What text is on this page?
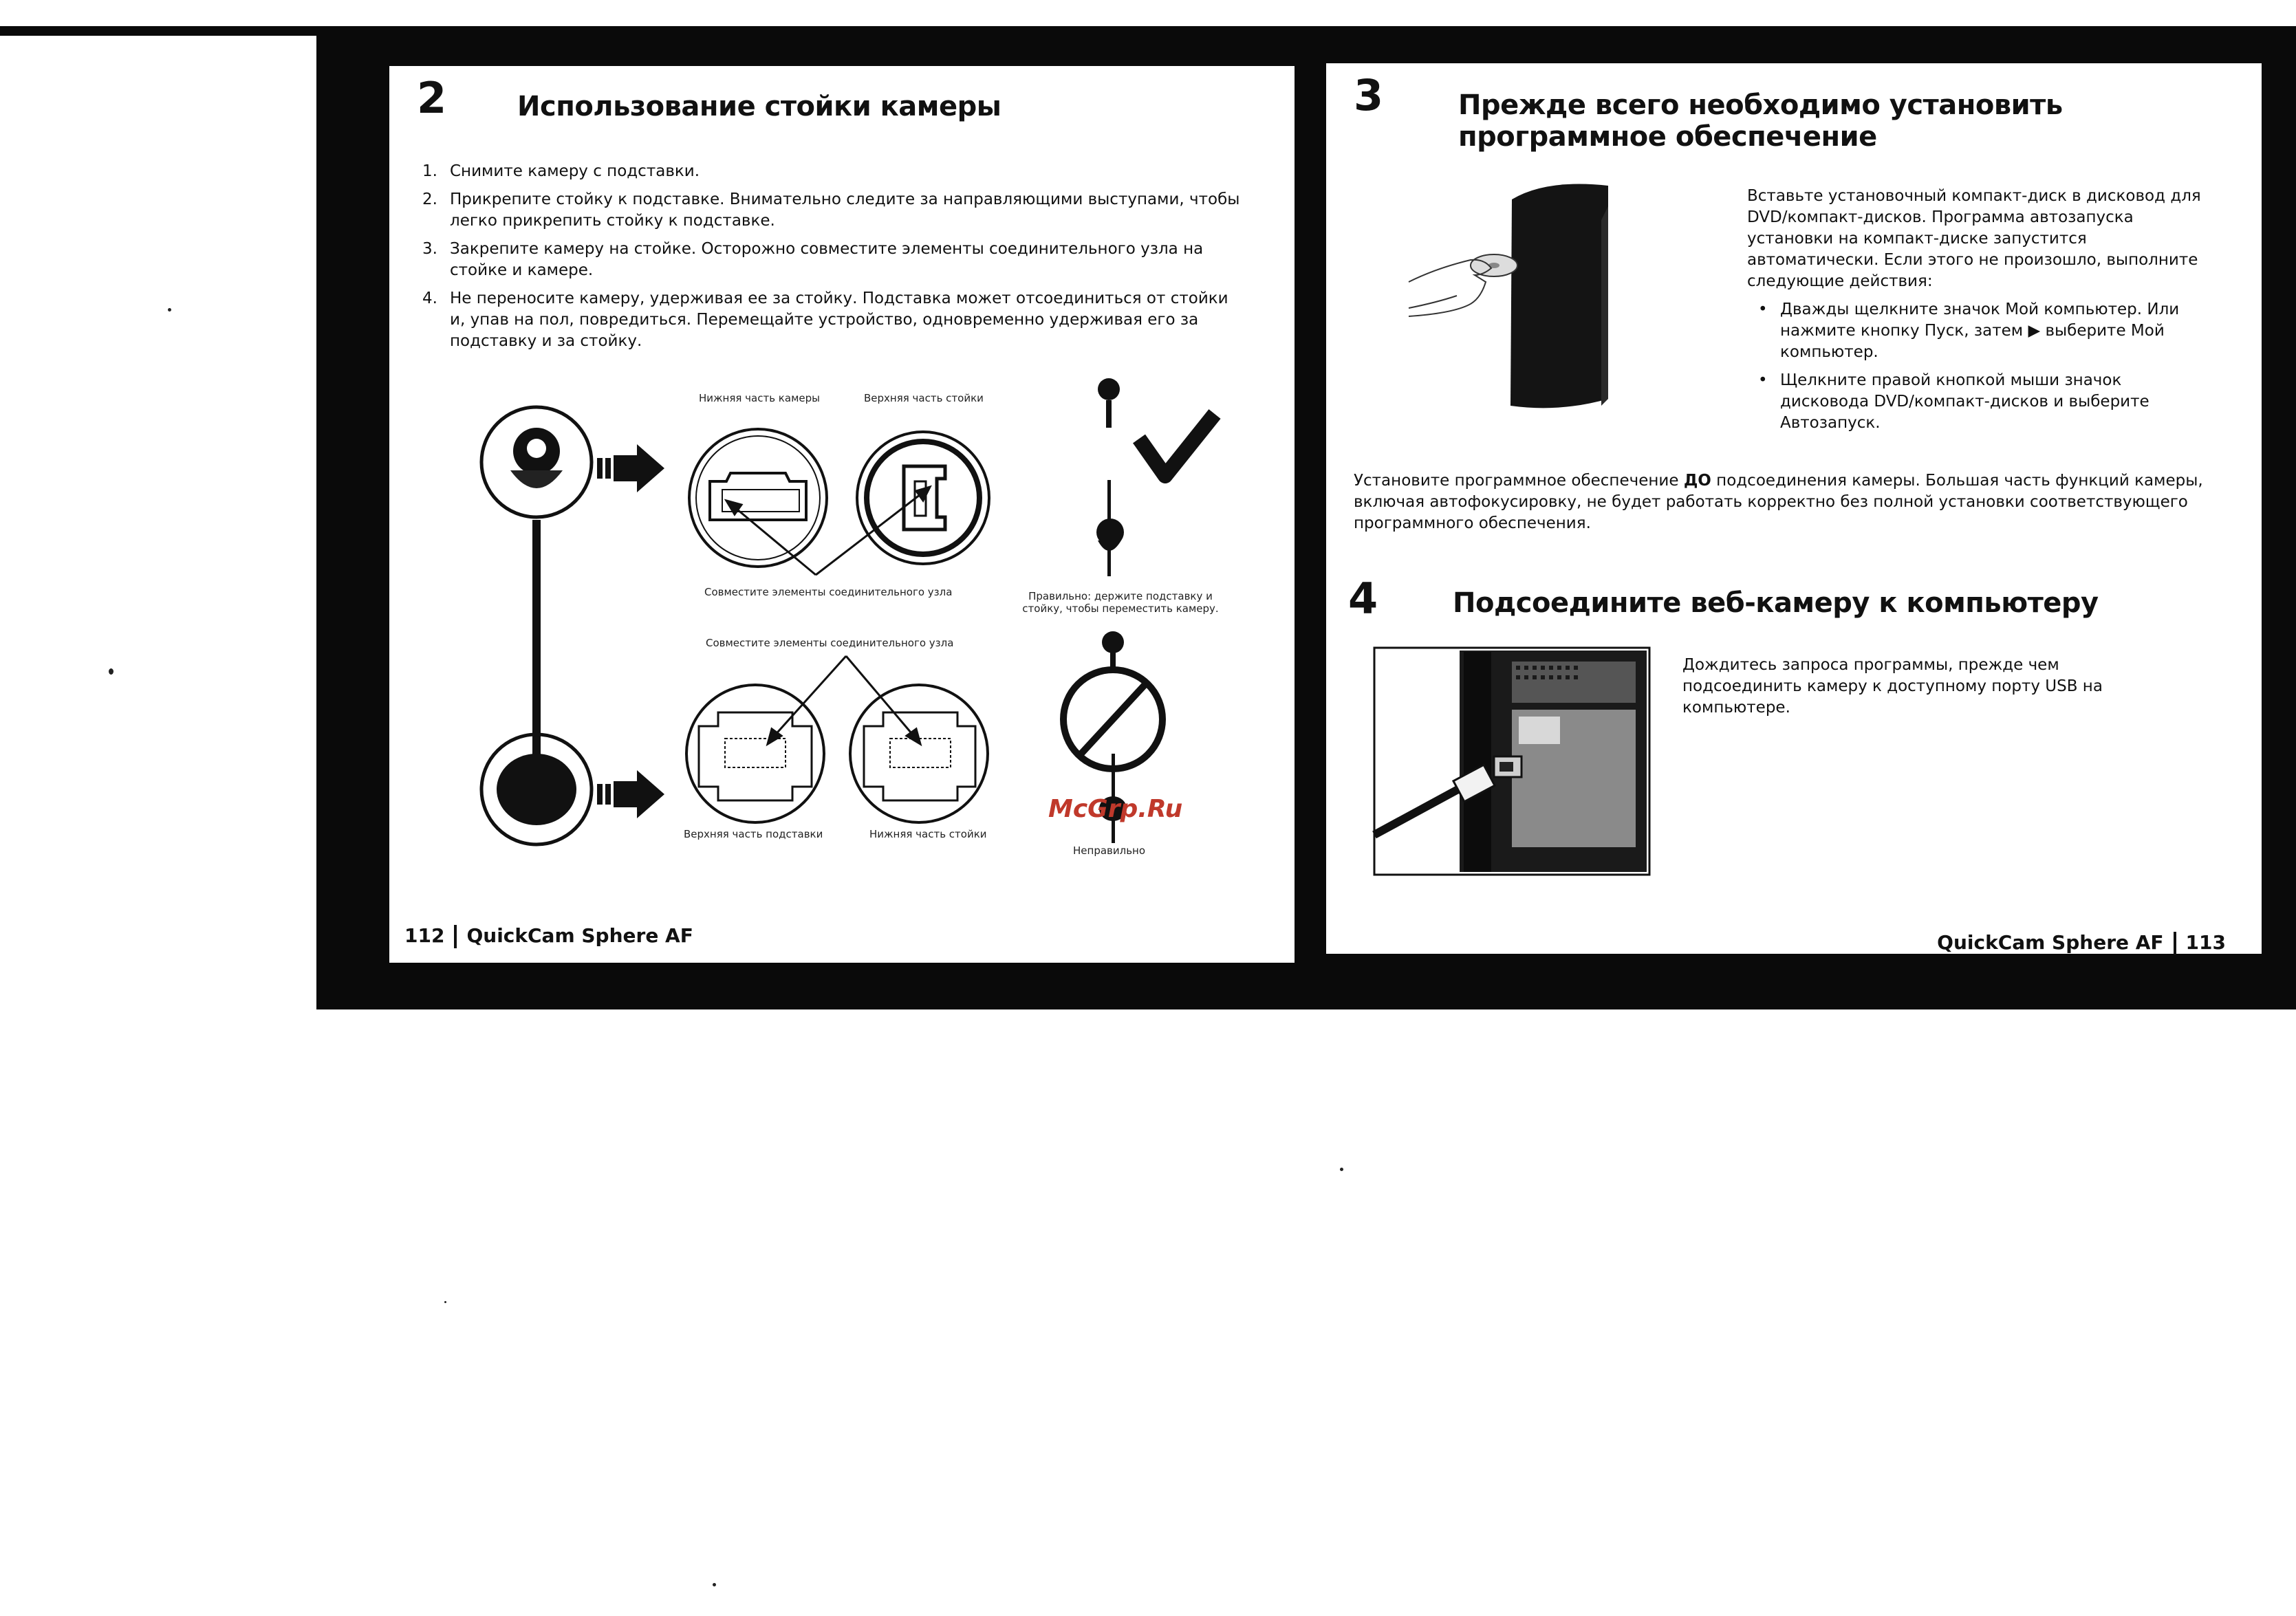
2	Использование стойки камеры
1. Снимите камеру с подставки.
2. Прикрепите стойку к подставке. Внимательно следите за направляющими выступами, чтобы легко прикрепить стойку к подставке.
3. Закрепите камеру на стойке. Осторожно совместите элементы соединительного узла на стойке и камере.
4. Не переносите камеру, удерживая ее за стойку. Подставка может отсоединиться от стойки и, упав на пол, повредиться. Перемещайте устройство, одновременно удерживая его за подставку и за стойку.
Нижняя часть камеры	Верхняя часть стойки
Совместите элементы соединительного узла	Правильно: держите подставку и стойку, чтобы переместить камеру.
Совместите элементы соединительного узла
Верхняя часть подставки	Нижняя часть стойки
Неправильно
112 QuickCam Sphere AF
McGrp.Ru
3	Прежде всего необходимо установить программное обеспечение
Вставьте установочный компакт-диск в дисковод для DVD/компакт-дисков. Программа автозапуска установки на компакт-диске запустится автоматически. Если этого не произошло, выполните следующие действия:
• Дважды щелкните значок Мой компьютер. Или нажмите кнопку Пуск, затем ▶ выберите Мой компьютер.
• Щелкните правой кнопкой мыши значок дисковода DVD/компакт-дисков и выберите Автозапуск.
Установите программное обеспечение ДО подсоединения камеры. Большая часть функций камеры, включая автофокусировку, не будет работать корректно без полной установки соответствующего программного обеспечения.
4	Подсоедините веб-камеру к компьютеру
Дождитесь запроса программы, прежде чем подсоединить камеру к доступному порту USB на компьютере.
QuickCam Sphere AF 113
